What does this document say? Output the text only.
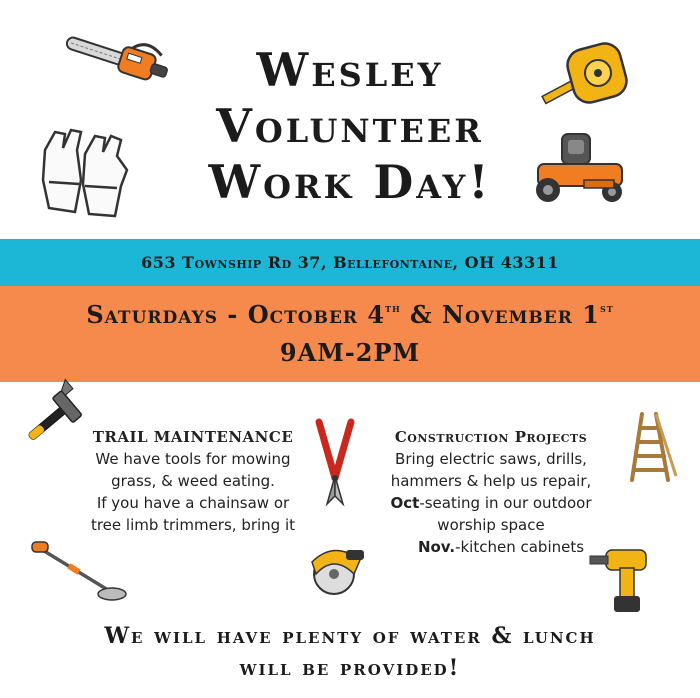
Wesley
Volunteer
Work Day!
653 Township Rd 37, Bellefontaine, OH 43311
Saturdays - October 4th & November 1st
9AM-2PM
TRAIL MAINTENANCE

We have tools for mowing

grass, & weed eating.

If you have a chainsaw or

tree limb trimmers, bring it

Construction Projects

Bring electric saws, drills,

hammers & help us repair,

Oct-seating in our outdoor

worship space

Nov.-kitchen cabinets

We will have plenty of water & lunch
will be provided!
